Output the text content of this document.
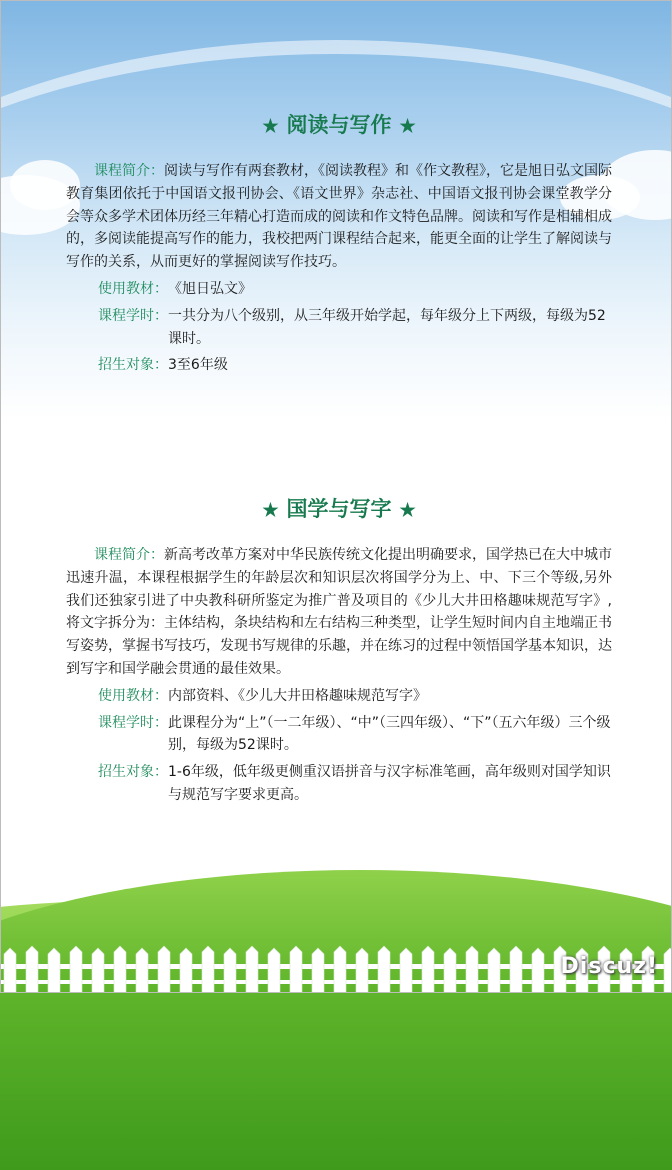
Discuz!
★ 阅读与写作 ★

课程简介：阅读与写作有两套教材，《阅读教程》和《作文教程》，它是旭日弘文国际教育集团依托于中国语文报刊协会、《语文世界》杂志社、中国语文报刊协会课堂教学分会等众多学术团体历经三年精心打造而成的阅读和作文特色品牌。阅读和写作是相辅相成的，多阅读能提高写作的能力，我校把两门课程结合起来，能更全面的让学生了解阅读与写作的关系，从而更好的掌握阅读写作技巧。

使用教材： 《旭日弘文》
课程学时： 一共分为八个级别，从三年级开始学起，每年级分上下两级，每级为52课时。
招生对象： 3至6年级
★ 国学与写字 ★

课程简介：新高考改革方案对中华民族传统文化提出明确要求，国学热已在大中城市迅速升温，本课程根据学生的年龄层次和知识层次将国学分为上、中、下三个等级,另外我们还独家引进了中央教科研所鉴定为推广普及项目的《少儿大井田格趣味规范写字》,将文字拆分为：主体结构，条块结构和左右结构三种类型，让学生短时间内自主地端正书写姿势，掌握书写技巧，发现书写规律的乐趣，并在练习的过程中领悟国学基本知识，达到写字和国学融会贯通的最佳效果。

使用教材： 内部资料、《少儿大井田格趣味规范写字》
课程学时： 此课程分为“上”（一二年级）、“中”（三四年级）、“下”（五六年级）三个级别，每级为52课时。
招生对象： 1-6年级，低年级更侧重汉语拼音与汉字标准笔画，高年级则对国学知识与规范写字要求更高。
